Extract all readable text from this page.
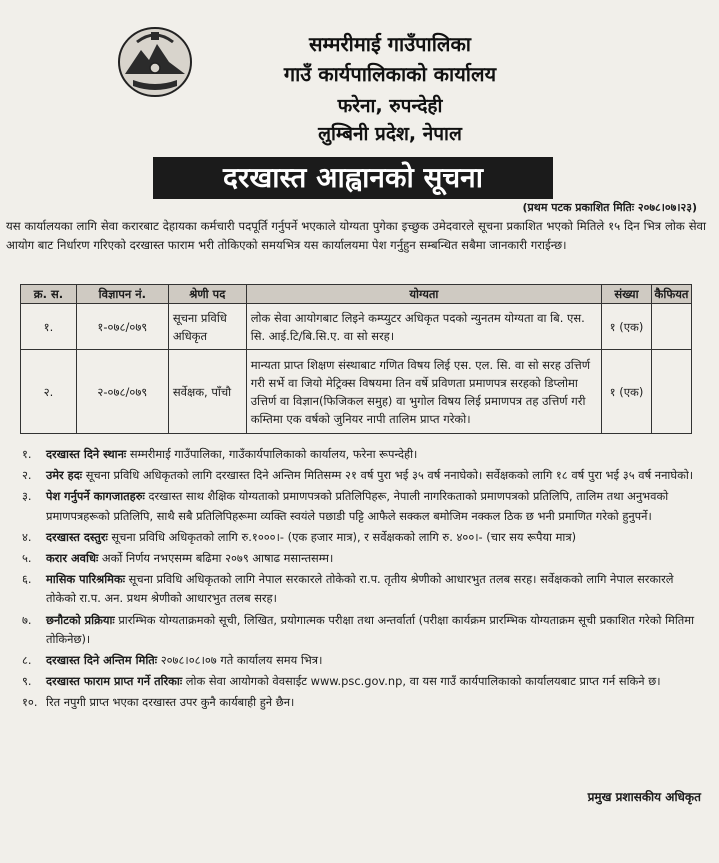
सम्मरीमाई गाउँपालिका
गाउँ कार्यपालिकाको कार्यालय
फरेना, रुपन्देही
लुम्बिनी प्रदेश, नेपाल
दरखास्त आह्वानको सूचना
(प्रथम पटक प्रकाशित मितिः २०७८।०७।२३)
यस कार्यालयका लागि सेवा करारबाट देहायका कर्मचारी पदपूर्ति गर्नुपर्ने भएकाले योग्यता पुगेका इच्छुक उमेदवारले सूचना प्रकाशित भएको मितिले १५ दिन भित्र लोक सेवा आयोग बाट निर्धारण गरिएको दरखास्त फाराम भरी तोकिएको समयभित्र यस कार्यालयमा पेश गर्नुहुन सम्बन्धित सबैमा जानकारी गराईन्छ।
क्र. स.	विज्ञापन नं.	श्रेणी पद	योग्यता	संख्या	कैफियत
१.	१-०७८/०७९	सूचना प्रविधि अधिकृत	लोक सेवा आयोगबाट लिइने कम्प्युटर अधिकृत पदको न्युनतम योग्यता वा बि. एस. सि. आई.टि/बि.सि.ए. वा सो सरह।	१ (एक)	
२.	२-०७८/०७९	सर्वेक्षक, पाँचौ	मान्यता प्राप्त शिक्षण संस्थाबाट गणित विषय लिई एस. एल. सि. वा सो सरह उत्तिर्ण गरी सर्भे वा जियो मेट्रिक्स विषयमा तिन वर्षे प्रविणता प्रमाणपत्र सरहको डिप्लोमा उत्तिर्ण वा विज्ञान(फिजिकल समुह) वा भुगोल विषय लिई प्रमाणपत्र तह उत्तिर्ण गरी कम्तिमा एक वर्षको जुनियर नापी तालिम प्राप्त गरेको।	१ (एक)	
१.	दरखास्त दिने स्थानः सम्मरीमाई गाउँपालिका, गाउँकार्यपालिकाको कार्यालय, फरेना रूपन्देही।
२.	उमेर हदः सूचना प्रविधि अधिकृतको लागि दरखास्त दिने अन्तिम मितिसम्म २१ वर्ष पुरा भई ३५ वर्ष ननाघेको। सर्वेक्षकको लागि १८ वर्ष पुरा भई ३५ वर्ष ननाघेको।
३.	पेश गर्नुपर्ने कागजातहरुः दरखास्त साथ शैक्षिक योग्यताको प्रमाणपत्रको प्रतिलिपिहरू, नेपाली नागरिकताको प्रमाणपत्रको प्रतिलिपि, तालिम तथा अनुभवको प्रमाणपत्रहरूको प्रतिलिपि, साथै सबै प्रतिलिपिहरूमा व्यक्ति स्वयंले पछाडी पट्टि आफैले सक्कल बमोजिम नक्कल ठिक छ भनी प्रमाणित गरेको हुनुपर्ने।
४.	दरखास्त दस्तुरः सूचना प्रविधि अधिकृतको लागि रु.१०००।- (एक हजार मात्र), र सर्वेक्षकको लागि रु. ४००।- (चार सय रूपैया मात्र)
५.	करार अवधिः अर्को निर्णय नभएसम्म बढिमा २०७९ आषाढ मसान्तसम्म।
६.	मासिक पारिश्रमिकः सूचना प्रविधि अधिकृतको लागि नेपाल सरकारले तोकेको रा.प. तृतीय श्रेणीको आधारभुत तलब सरह। सर्वेक्षकको लागि नेपाल सरकारले तोकेको रा.प. अन. प्रथम श्रेणीको आधारभुत तलब सरह।
७.	छनौटको प्रक्रियाः प्रारम्भिक योग्यताक्रमको सूची, लिखित, प्रयोगात्मक परीक्षा तथा अन्तर्वार्ता (परीक्षा कार्यक्रम प्रारम्भिक योग्यताक्रम सूची प्रकाशित गरेको मितिमा तोकिनेछ)।
८.	दरखास्त दिने अन्तिम मितिः २०७८।०८।०७ गते कार्यालय समय भित्र।
९.	दरखास्त फाराम प्राप्त गर्ने तरिकाः लोक सेवा आयोगको वेवसाईट www.psc.gov.np, वा यस गाउँ कार्यपालिकाको कार्यालयबाट प्राप्त गर्न सकिने छ।
१०. रित नपुगी प्राप्त भएका दरखास्त उपर कुनै कार्यबाही हुने छैन।
प्रमुख प्रशासकीय अधिकृत
